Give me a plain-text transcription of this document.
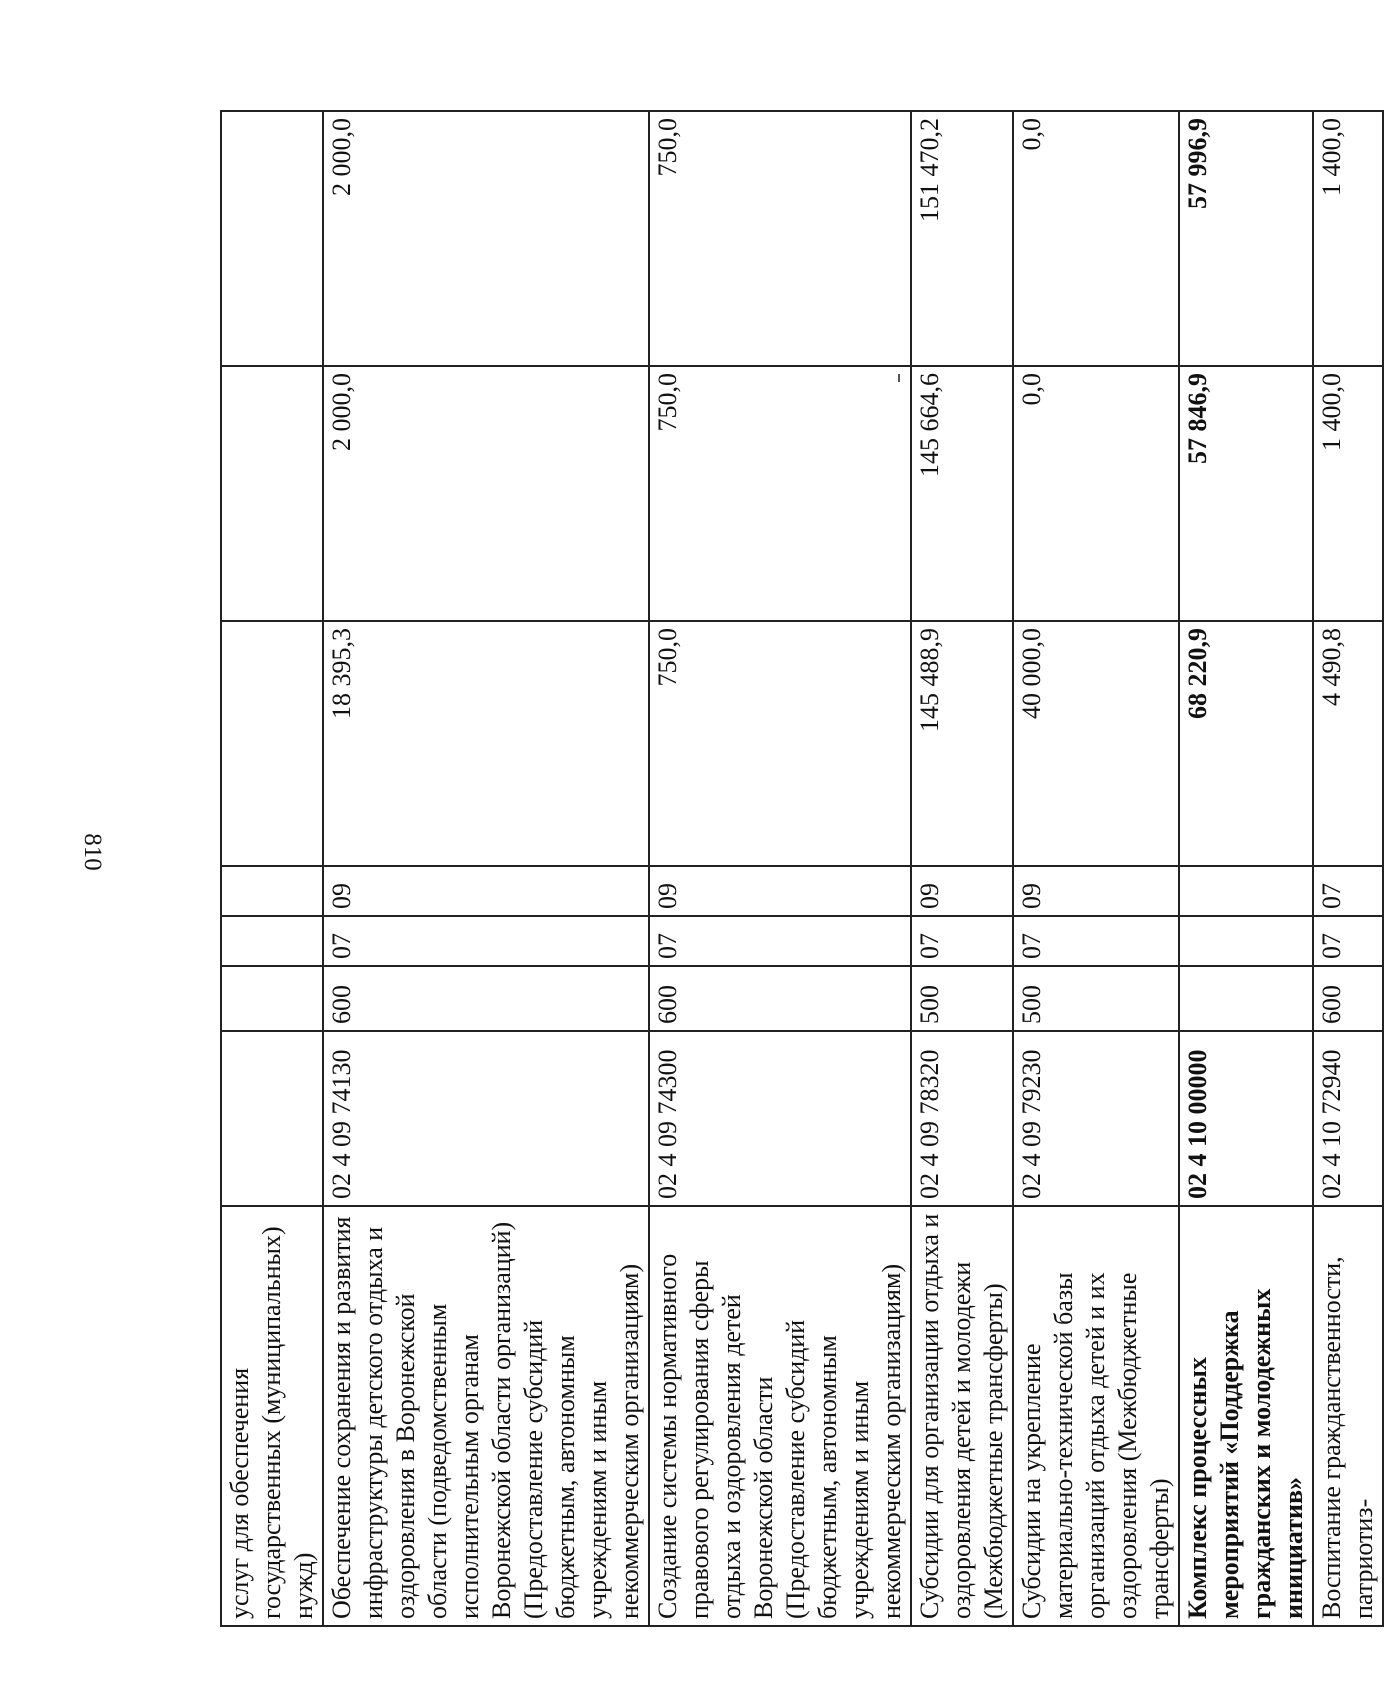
810
услуг для обеспечения государственных (муниципальных) нужд)							
Обеспечение сохранения и развития инфраструктуры детского отдыха и оздоровления в Воронежской области (подведомственным исполнительным органам Воронежской области организаций) (Предоставление субсидий бюджетным, автономным учреждениям и иным некоммерческим организациям)	02 4 09 74130	600	07	09	18 395,3	2 000,0	2 000,0
Создание системы нормативного правового регулирования сферы отдыха и оздоровления детей Воронежской области (Предоставление субсидий бюджетным, автономным учреждениям и иным некоммерческим организациям)	02 4 09 74300	600	07	09	750,0	750,0	750,0
Субсидии для организации отдыха и оздоровления детей и молодежи (Межбюджетные трансферты)	02 4 09 78320	500	07	09	145 488,9	145 664,6	151 470,2
Субсидии на укрепление материально-технической базы организаций отдыха детей и их оздоровления (Межбюджетные трансферты)	02 4 09 79230	500	07	09	40 000,0	0,0	0,0
Комплекс процессных мероприятий «Поддержка гражданских и молодежных инициатив»	02 4 10 00000				68 220,9	57 846,9	57 996,9
Воспитание гражданственности, патриотиз-	02 4 10 72940	600	07	07	4 490,8	1 400,0	1 400,0
